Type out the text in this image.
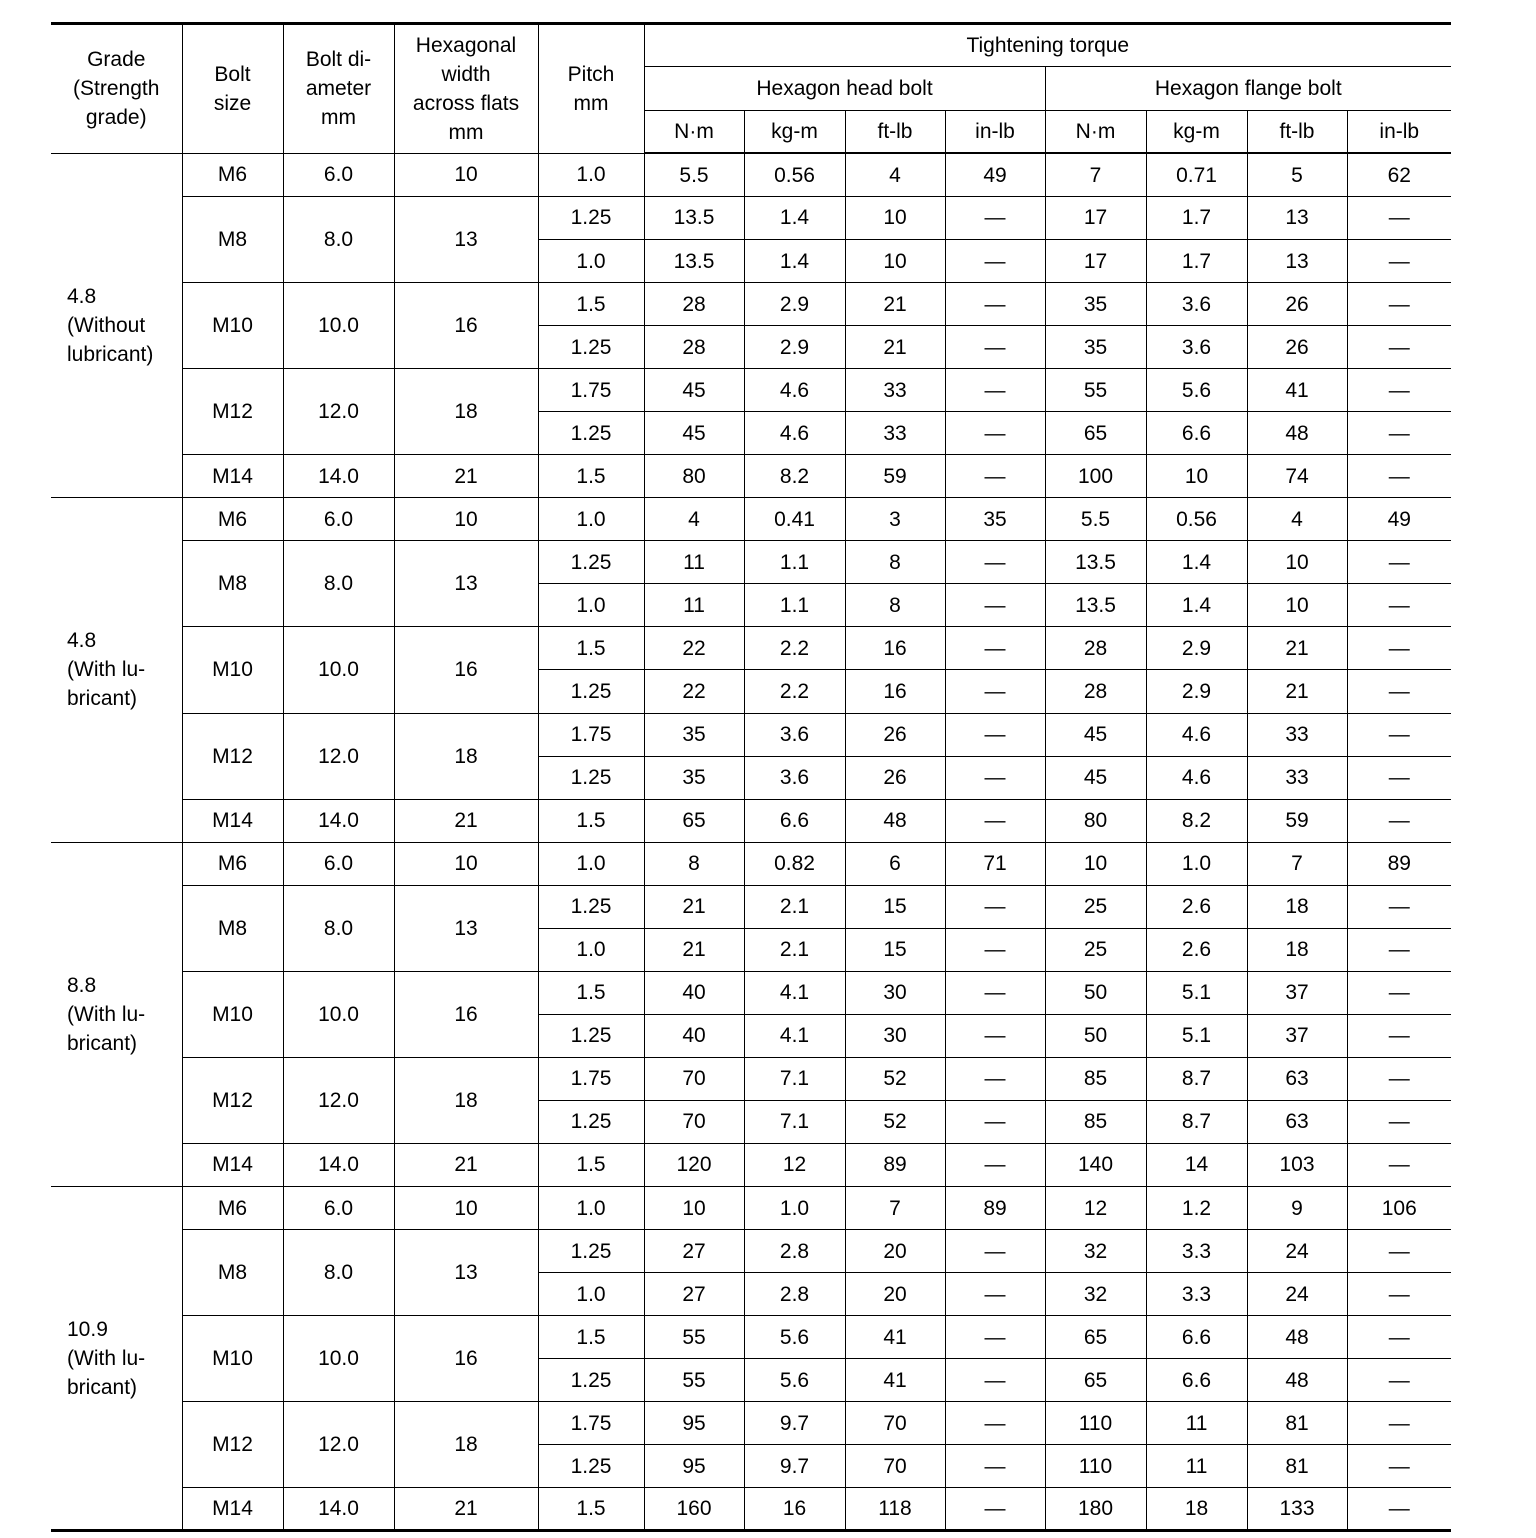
Grade
(Strength
grade)	Bolt
size	Bolt di-
ameter
mm	Hexagonal
width
across flats
mm	Pitch
mm	Tightening torque							
					Hexagon head bolt				Hexagon flange bolt			
					N·m	kg-m	ft-lb	in-lb	N·m	kg-m	ft-lb	in-lb
4.8
(Without
lubricant)	M6	6.0	10	1.0	5.5	0.56	4	49	7	0.71	5	62
	M8	8.0	13	1.25	13.5	1.4	10	—	17	1.7	13	—
				1.0	13.5	1.4	10	—	17	1.7	13	—
	M10	10.0	16	1.5	28	2.9	21	—	35	3.6	26	—
				1.25	28	2.9	21	—	35	3.6	26	—
	M12	12.0	18	1.75	45	4.6	33	—	55	5.6	41	—
				1.25	45	4.6	33	—	65	6.6	48	—
	M14	14.0	21	1.5	80	8.2	59	—	100	10	74	—
4.8
(With lu-
bricant)	M6	6.0	10	1.0	4	0.41	3	35	5.5	0.56	4	49
	M8	8.0	13	1.25	11	1.1	8	—	13.5	1.4	10	—
				1.0	11	1.1	8	—	13.5	1.4	10	—
	M10	10.0	16	1.5	22	2.2	16	—	28	2.9	21	—
				1.25	22	2.2	16	—	28	2.9	21	—
	M12	12.0	18	1.75	35	3.6	26	—	45	4.6	33	—
				1.25	35	3.6	26	—	45	4.6	33	—
	M14	14.0	21	1.5	65	6.6	48	—	80	8.2	59	—
8.8
(With lu-
bricant)	M6	6.0	10	1.0	8	0.82	6	71	10	1.0	7	89
	M8	8.0	13	1.25	21	2.1	15	—	25	2.6	18	—
				1.0	21	2.1	15	—	25	2.6	18	—
	M10	10.0	16	1.5	40	4.1	30	—	50	5.1	37	—
				1.25	40	4.1	30	—	50	5.1	37	—
	M12	12.0	18	1.75	70	7.1	52	—	85	8.7	63	—
				1.25	70	7.1	52	—	85	8.7	63	—
	M14	14.0	21	1.5	120	12	89	—	140	14	103	—
10.9
(With lu-
bricant)	M6	6.0	10	1.0	10	1.0	7	89	12	1.2	9	106
	M8	8.0	13	1.25	27	2.8	20	—	32	3.3	24	—
				1.0	27	2.8	20	—	32	3.3	24	—
	M10	10.0	16	1.5	55	5.6	41	—	65	6.6	48	—
				1.25	55	5.6	41	—	65	6.6	48	—
	M12	12.0	18	1.75	95	9.7	70	—	110	11	81	—
				1.25	95	9.7	70	—	110	11	81	—
	M14	14.0	21	1.5	160	16	118	—	180	18	133	—
